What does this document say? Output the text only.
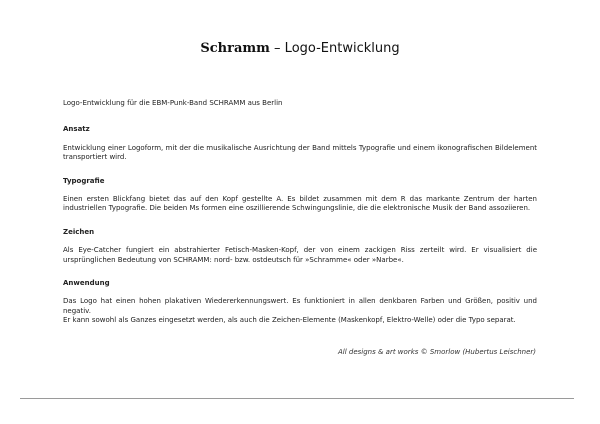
Schramm – Logo-Entwicklung
Logo-Entwicklung für die EBM-Punk-Band SCHRAMM aus Berlin
Ansatz

Entwicklung einer Logoform, mit der die musikalische Ausrichtung der Band mittels Typografie und einem ikonografischen Bildelement transportiert wird.

Typografie

Einen ersten Blickfang bietet das auf den Kopf gestellte A. Es bildet zusammen mit dem R das markante Zentrum der harten industriellen Typografie. Die beiden Ms formen eine oszillierende Schwingungslinie, die die elektronische Musik der Band assoziieren.

Zeichen

Als Eye-Catcher fungiert ein abstrahierter Fetisch-Masken-Kopf, der von einem zackigen Riss zerteilt wird. Er visualisiert die ursprünglichen Bedeutung von SCHRAMM: nord- bzw. ostdeutsch für »Schramme« oder »Narbe«.

Anwendung

Das Logo hat einen hohen plakativen Wiedererkennungswert. Es funktioniert in allen denkbaren Farben und Größen, positiv und negativ.

Er kann sowohl als Ganzes eingesetzt werden, als auch die Zeichen-Elemente (Maskenkopf, Elektro-Welle) oder die Typo separat.

All designs & art works © Smorlow (Hubertus Leischner)
